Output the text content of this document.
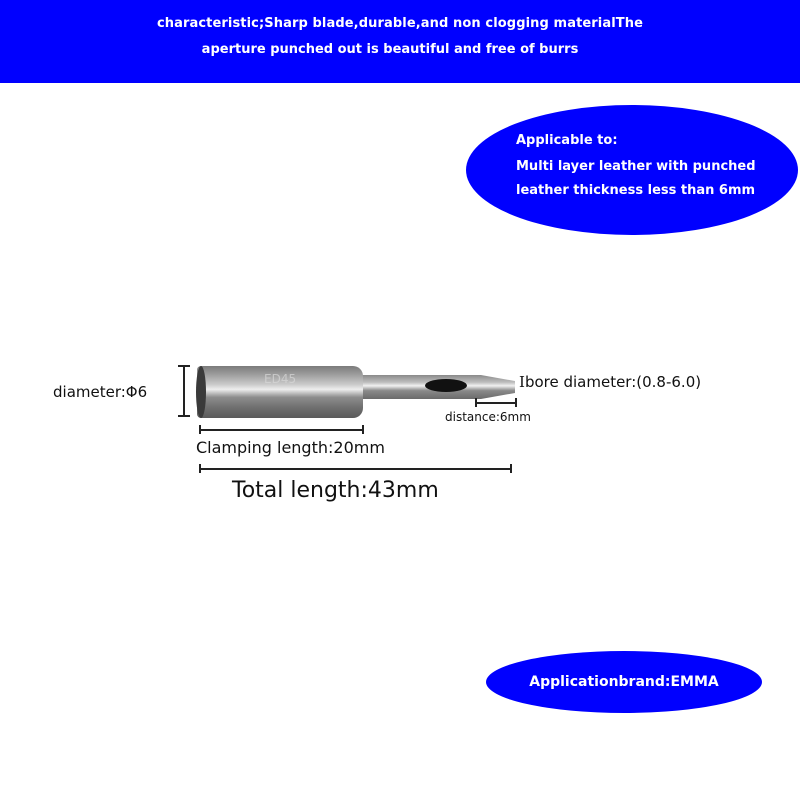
characteristic;Sharp blade,durable,and non clogging materialThe
aperture punched out is beautiful and free of burrs
Applicable to:
Multi layer leather with punched
leather thickness less than 6mm
ED45
diameter:Φ6
Ibore diameter:(0.8-6.0)
distance:6mm
Clamping length:20mm
Total length:43mm
Applicationbrand:EMMA
